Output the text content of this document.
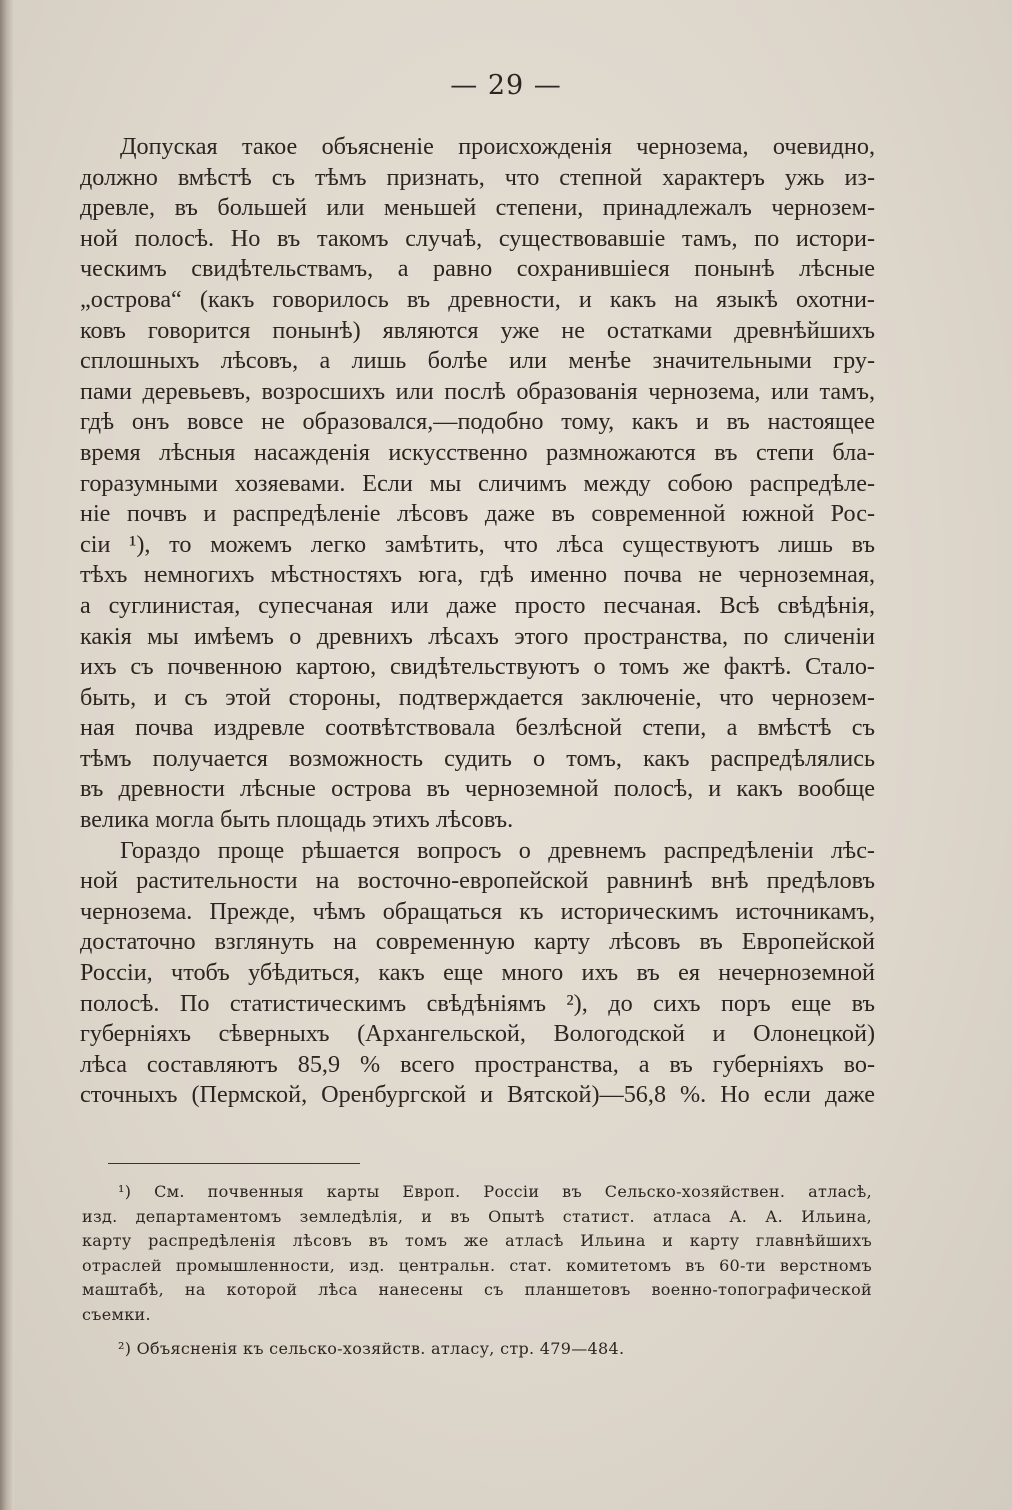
— 29 —
Допуская такое объясненіе происхожденія чернозема, очевидно,
должно вмѣстѣ съ тѣмъ признать, что степной характеръ ужь из-
древле, въ большей или меньшей степени, принадлежалъ чернозем-
ной полосѣ. Но въ такомъ случаѣ, существовавшіе тамъ, по истори-
ческимъ свидѣтельствамъ, а равно сохранившіеся понынѣ лѣсные
„острова“ (какъ говорилось въ древности, и какъ на языкѣ охотни-
ковъ говорится понынѣ) являются уже не остатками древнѣйшихъ
сплошныхъ лѣсовъ, а лишь болѣе или менѣе значительными гру-
пами деревьевъ, возросшихъ или послѣ образованія чернозема, или тамъ,
гдѣ онъ вовсе не образовался,—подобно тому, какъ и въ настоящее
время лѣсныя насажденія искусственно размножаются въ степи бла-
горазумными хозяевами. Если мы сличимъ между собою распредѣле-
ніе почвъ и распредѣленіе лѣсовъ даже въ современной южной Рос-
сіи ¹), то можемъ легко замѣтить, что лѣса существуютъ лишь въ
тѣхъ немногихъ мѣстностяхъ юга, гдѣ именно почва не черноземная,
а суглинистая, супесчаная или даже просто песчаная. Всѣ свѣдѣнія,
какія мы имѣемъ о древнихъ лѣсахъ этого пространства, по сличеніи
ихъ съ почвенною картою, свидѣтельствуютъ о томъ же фактѣ. Стало-
быть, и съ этой стороны, подтверждается заключеніе, что чернозем-
ная почва издревле соотвѣтствовала безлѣсной степи, а вмѣстѣ съ
тѣмъ получается возможность судить о томъ, какъ распредѣлялись
въ древности лѣсные острова въ черноземной полосѣ, и какъ вообще
велика могла быть площадь этихъ лѣсовъ.
Гораздо проще рѣшается вопросъ о древнемъ распредѣленіи лѣс-
ной растительности на восточно-европейской равнинѣ внѣ предѣловъ
чернозема. Прежде, чѣмъ обращаться къ историческимъ источникамъ,
достаточно взглянуть на современную карту лѣсовъ въ Европейской
Россіи, чтобъ убѣдиться, какъ еще много ихъ въ ея нечерноземной
полосѣ. По статистическимъ свѣдѣніямъ ²), до сихъ поръ еще въ
губерніяхъ сѣверныхъ (Архангельской, Вологодской и Олонецкой)
лѣса составляютъ 85,9 % всего пространства, а въ губерніяхъ во-
сточныхъ (Пермской, Оренбургской и Вятской)—56,8 %. Но если даже
¹) См. почвенныя карты Европ. Россіи въ Сельско-хозяйствен. атласѣ,
изд. департаментомъ земледѣлія, и въ Опытѣ статист. атласа А. А. Ильина,
карту распредѣленія лѣсовъ въ томъ же атласѣ Ильина и карту главнѣйшихъ
отраслей промышленности, изд. центральн. стат. комитетомъ въ 60-ти верстномъ
маштабѣ, на которой лѣса нанесены съ планшетовъ военно-топографической
съемки.
²) Объясненія къ сельско-хозяйств. атласу, стр. 479—484.
